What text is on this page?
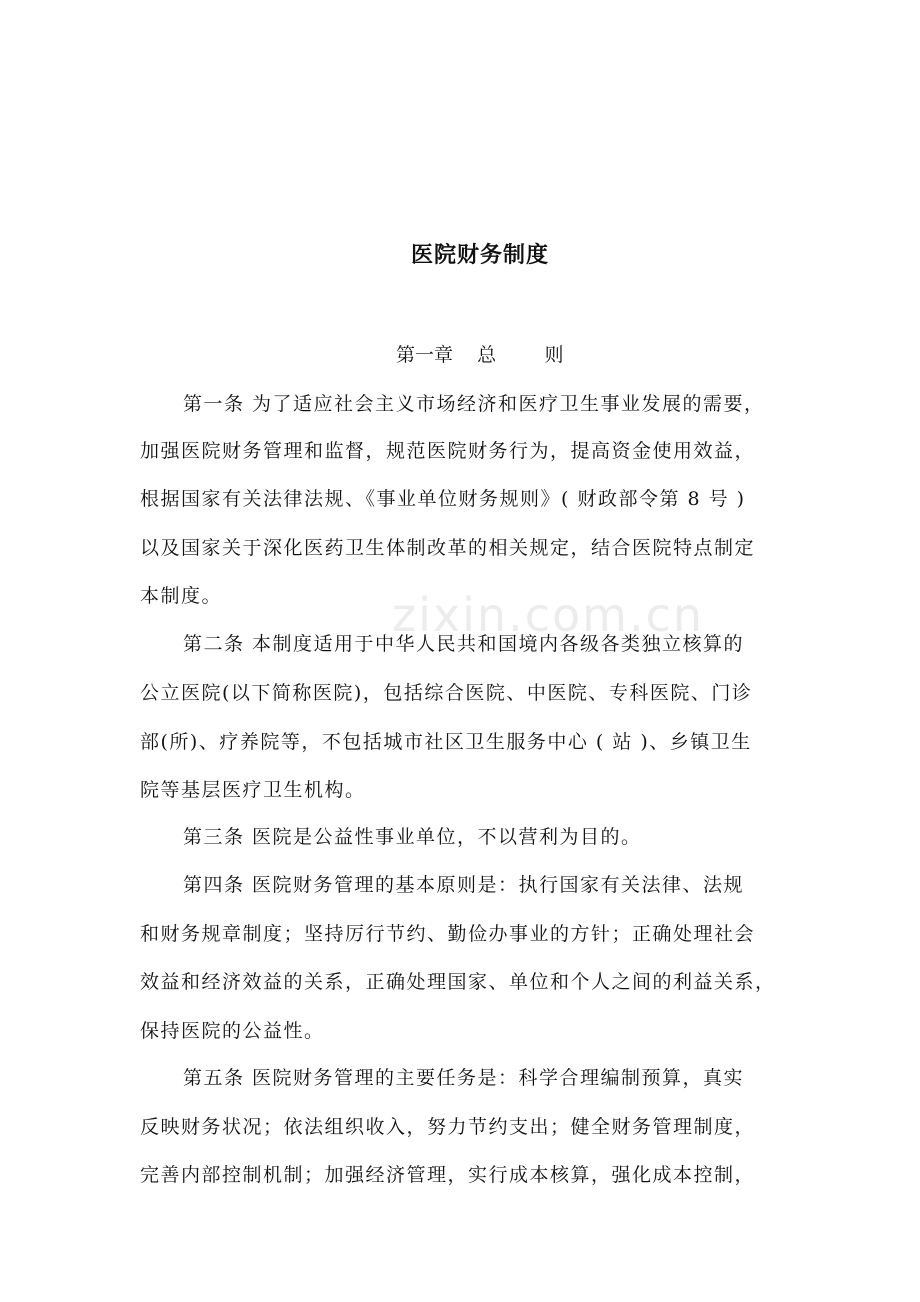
zixin.com.cn
医院财务制度
第一章    总        则
第一条 为了适应社会主义市场经济和医疗卫生事业发展的需要，
加强医院财务管理和监督，规范医院财务行为，提高资金使用效益，
根据国家有关法律法规、《事业单位财务规则》( 财政部令第 8 号 )
以及国家关于深化医药卫生体制改革的相关规定，结合医院特点制定
本制度。
第二条 本制度适用于中华人民共和国境内各级各类独立核算的
公立医院(以下简称医院)，包括综合医院、中医院、专科医院、门诊
部(所)、疗养院等，不包括城市社区卫生服务中心 ( 站 )、乡镇卫生
院等基层医疗卫生机构。
第三条 医院是公益性事业单位，不以营利为目的。
第四条 医院财务管理的基本原则是：执行国家有关法律、法规
和财务规章制度；坚持厉行节约、勤俭办事业的方针；正确处理社会
效益和经济效益的关系，正确处理国家、单位和个人之间的利益关系，
保持医院的公益性。
第五条 医院财务管理的主要任务是：科学合理编制预算，真实
反映财务状况；依法组织收入，努力节约支出；健全财务管理制度，
完善内部控制机制；加强经济管理，实行成本核算，强化成本控制，
